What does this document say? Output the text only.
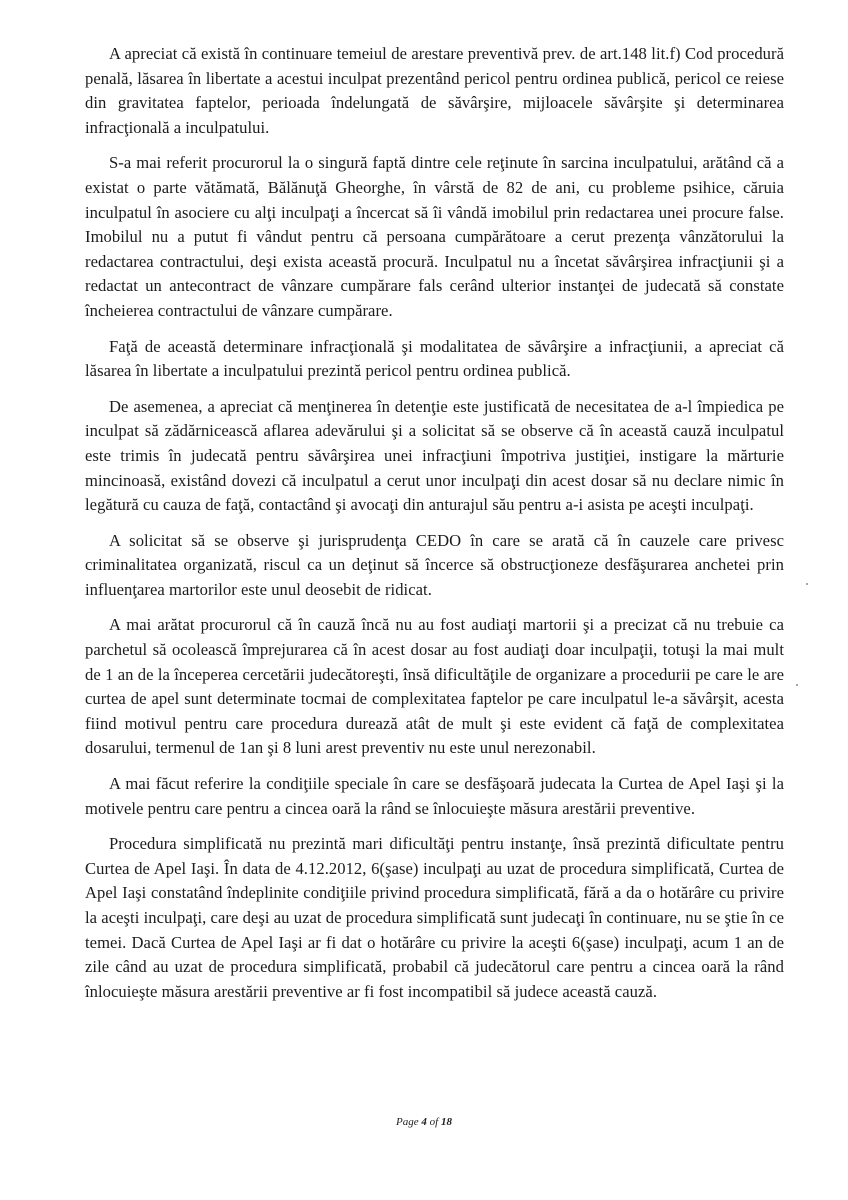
A apreciat că există în continuare temeiul de arestare preventivă prev. de art.148 lit.f) Cod procedură penală, lăsarea în libertate a acestui inculpat prezentând pericol pentru ordinea publică, pericol ce reiese din gravitatea faptelor, perioada îndelungată de săvârşire, mijloacele săvârşite şi determinarea infracţională a inculpatului.

S-a mai referit procurorul la o singură faptă dintre cele reţinute în sarcina inculpatului, arătând că a existat o parte vătămată, Bălănuţă Gheorghe, în vârstă de 82 de ani, cu probleme psihice, căruia inculpatul în asociere cu alţi inculpaţi a încercat să îi vândă imobilul prin redactarea unei procure false. Imobilul nu a putut fi vândut pentru că persoana cumpărătoare a cerut prezenţa vânzătorului la redactarea contractului, deşi exista această procură. Inculpatul nu a încetat săvârşirea infracţiunii şi a redactat un antecontract de vânzare cumpărare fals cerând ulterior instanţei de judecată să constate încheierea contractului de vânzare cumpărare.

Faţă de această determinare infracţională şi modalitatea de săvârşire a infracţiunii, a apreciat că lăsarea în libertate a inculpatului prezintă pericol pentru ordinea publică.

De asemenea, a apreciat că menţinerea în detenţie este justificată de necesitatea de a-l împiedica pe inculpat să zădărnicească aflarea adevărului şi a solicitat să se observe că în această cauză inculpatul este trimis în judecată pentru săvârşirea unei infracţiuni împotriva justiţiei, instigare la mărturie mincinoasă, existând dovezi că inculpatul a cerut unor inculpaţi din acest dosar să nu declare nimic în legătură cu cauza de faţă, contactând şi avocaţi din anturajul său pentru a-i asista pe aceşti inculpaţi.

A solicitat să se observe şi jurisprudenţa CEDO în care se arată că în cauzele care privesc criminalitatea organizată, riscul ca un deţinut să încerce să obstrucţioneze desfăşurarea anchetei prin influenţarea martorilor este unul deosebit de ridicat.

A mai arătat procurorul că în cauză încă nu au fost audiaţi martorii şi a precizat că nu trebuie ca parchetul să ocolească împrejurarea că în acest dosar au fost audiaţi doar inculpaţii, totuşi la mai mult de 1 an de la începerea cercetării judecătoreşti, însă dificultăţile de organizare a procedurii pe care le are curtea de apel sunt determinate tocmai de complexitatea faptelor pe care inculpatul le-a săvârşit, acesta fiind motivul pentru care procedura durează atât de mult şi este evident că faţă de complexitatea dosarului, termenul de 1an şi 8 luni arest preventiv nu este unul nerezonabil.

A mai făcut referire la condiţiile speciale în care se desfăşoară judecata la Curtea de Apel Iaşi şi la motivele pentru care pentru a cincea oară la rând se înlocuieşte măsura arestării preventive.

Procedura simplificată nu prezintă mari dificultăţi pentru instanţe, însă prezintă dificultate pentru Curtea de Apel Iaşi. În data de 4.12.2012, 6(şase) inculpaţi au uzat de procedura simplificată, Curtea de Apel Iaşi constatând îndeplinite condiţiile privind procedura simplificată, fără a da o hotărâre cu privire la aceşti inculpaţi, care deşi au uzat de procedura simplificată sunt judecaţi în continuare, nu se ştie în ce temei. Dacă Curtea de Apel Iaşi ar fi dat o hotărâre cu privire la aceşti 6(şase) inculpaţi, acum 1 an de zile când au uzat de procedura simplificată, probabil că judecătorul care pentru a cincea oară la rând înlocuieşte măsura arestării preventive ar fi fost incompatibil să judece această cauză.

Page 4 of 18
